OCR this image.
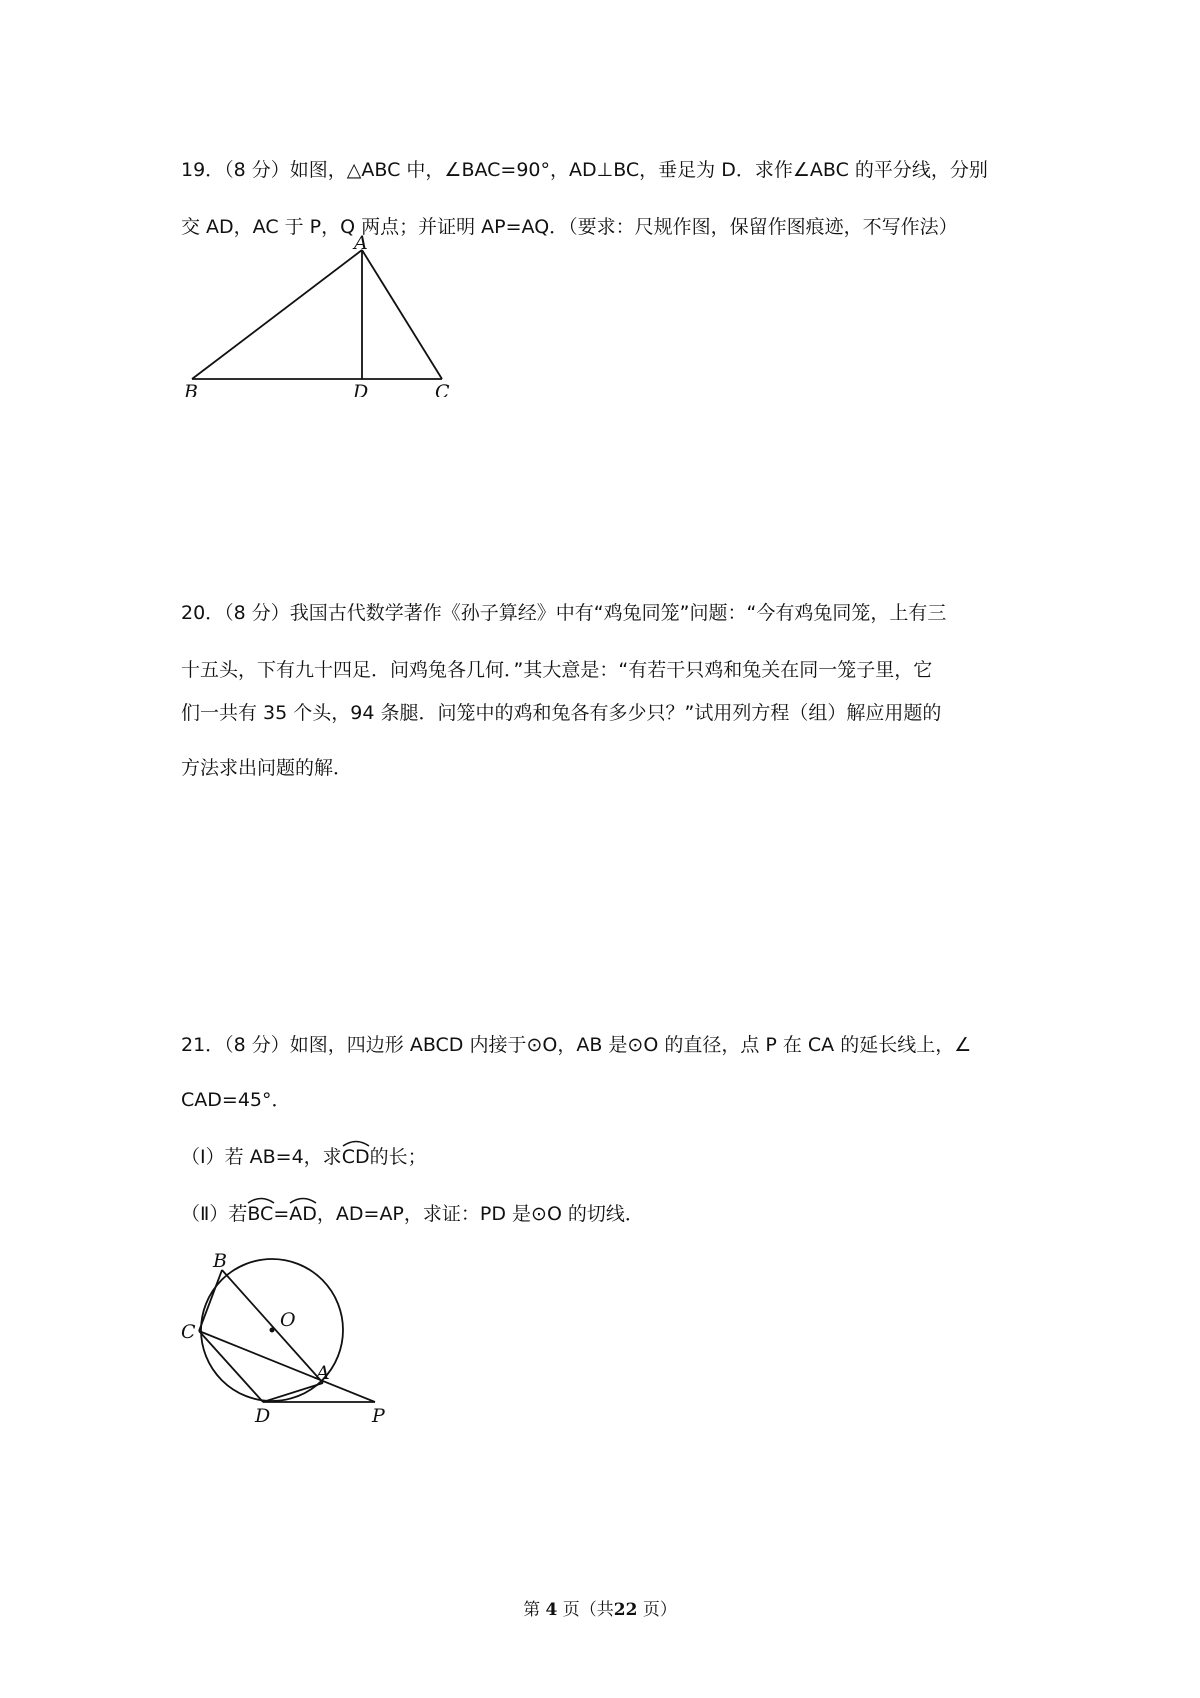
19．（8 分）如图，△ABC 中，∠BAC=90°，AD⊥BC，垂足为 D．求作∠ABC 的平分线，分别

交 AD，AC 于 P，Q 两点；并证明 AP=AQ．（要求：尺规作图，保留作图痕迹，不写作法）

A
B	C
D

20．（8 分）我国古代数学著作《孙子算经》中有“鸡兔同笼”问题：“今有鸡兔同笼，上有三

十五头，下有九十四足．问鸡兔各几何．”其大意是：“有若干只鸡和兔关在同一笼子里，它

们一共有 35 个头，94 条腿．问笼中的鸡和兔各有多少只？”试用列方程（组）解应用题的

方法求出问题的解．

21．（8 分）如图，四边形 ABCD 内接于⊙O，AB 是⊙O 的直径，点 P 在 CA 的延长线上，∠

CAD=45°．

（Ⅰ）若 AB=4，求
CD的长；

（Ⅱ）若
BC=
AD，AD=AP，求证：PD 是⊙O 的切线．

B
C
O
A
D	P
第 4 页（共22 页）
